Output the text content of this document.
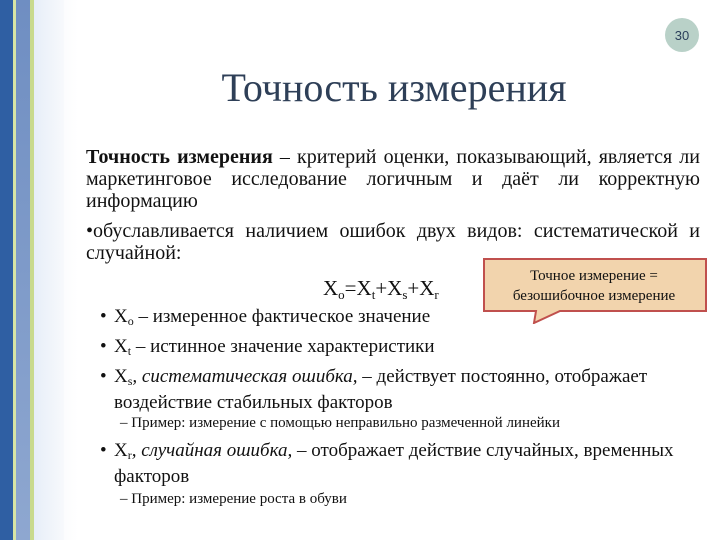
30
Точность измерения
Точность измерения – критерий оценки, показывающий, является ли маркетинговое исследование логичным и даёт ли корректную информацию
•обуславливается наличием ошибок двух видов: систематической и случайной:
$X_o=X_t+X_s+X_r$
Точное измерение =
безошибочное измерение
• $X_o$ – измеренное фактическое значение
• $X_t$ – истинное значение характеристики
• $X_s$, систематическая ошибка, – действует постоянно, отображает воздействие стабильных факторов
– Пример: измерение с помощью неправильно размеченной линейки
• $X_r$, случайная ошибка, – отображает действие случайных, временных факторов
– Пример: измерение роста в обуви
